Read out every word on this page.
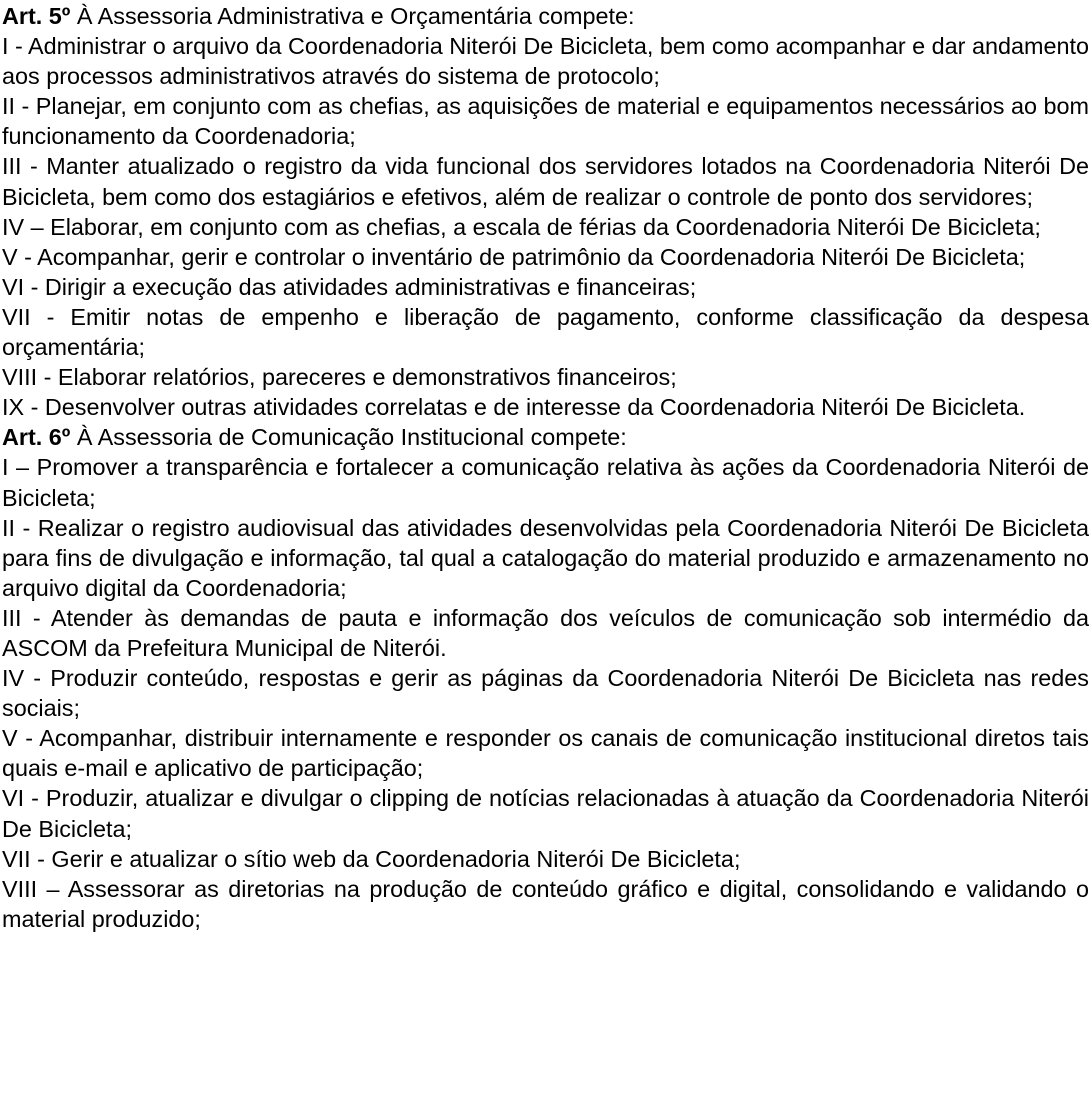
Art. 5º À Assessoria Administrativa e Orçamentária compete:

I - Administrar o arquivo da Coordenadoria Niterói De Bicicleta, bem como acompanhar e dar andamento aos processos administrativos através do sistema de protocolo;

II - Planejar, em conjunto com as chefias, as aquisições de material e equipamentos necessários ao bom funcionamento da Coordenadoria;

III - Manter atualizado o registro da vida funcional dos servidores lotados na Coordenadoria Niterói De Bicicleta, bem como dos estagiários e efetivos, além de realizar o controle de ponto dos servidores;

IV – Elaborar, em conjunto com as chefias, a escala de férias da Coordenadoria Niterói De Bicicleta;

V - Acompanhar, gerir e controlar o inventário de patrimônio da Coordenadoria Niterói De Bicicleta;

VI - Dirigir a execução das atividades administrativas e financeiras;

VII - Emitir notas de empenho e liberação de pagamento, conforme classificação da despesa orçamentária;

VIII - Elaborar relatórios, pareceres e demonstrativos financeiros;

IX - Desenvolver outras atividades correlatas e de interesse da Coordenadoria Niterói De Bicicleta.

Art. 6º À Assessoria de Comunicação Institucional compete:

I – Promover a transparência e fortalecer a comunicação relativa às ações da Coordenadoria Niterói de Bicicleta;

II - Realizar o registro audiovisual das atividades desenvolvidas pela Coordenadoria Niterói De Bicicleta para fins de divulgação e informação, tal qual a catalogação do material produzido e armazenamento no arquivo digital da Coordenadoria;

III - Atender às demandas de pauta e informação dos veículos de comunicação sob intermédio da ASCOM da Prefeitura Municipal de Niterói.

IV - Produzir conteúdo, respostas e gerir as páginas da Coordenadoria Niterói De Bicicleta nas redes sociais;

V - Acompanhar, distribuir internamente e responder os canais de comunicação institucional diretos tais quais e-mail e aplicativo de participação;

VI - Produzir, atualizar e divulgar o clipping de notícias relacionadas à atuação da Coordenadoria Niterói De Bicicleta;

VII - Gerir e atualizar o sítio web da Coordenadoria Niterói De Bicicleta;

VIII – Assessorar as diretorias na produção de conteúdo gráfico e digital, consolidando e validando o material produzido;
